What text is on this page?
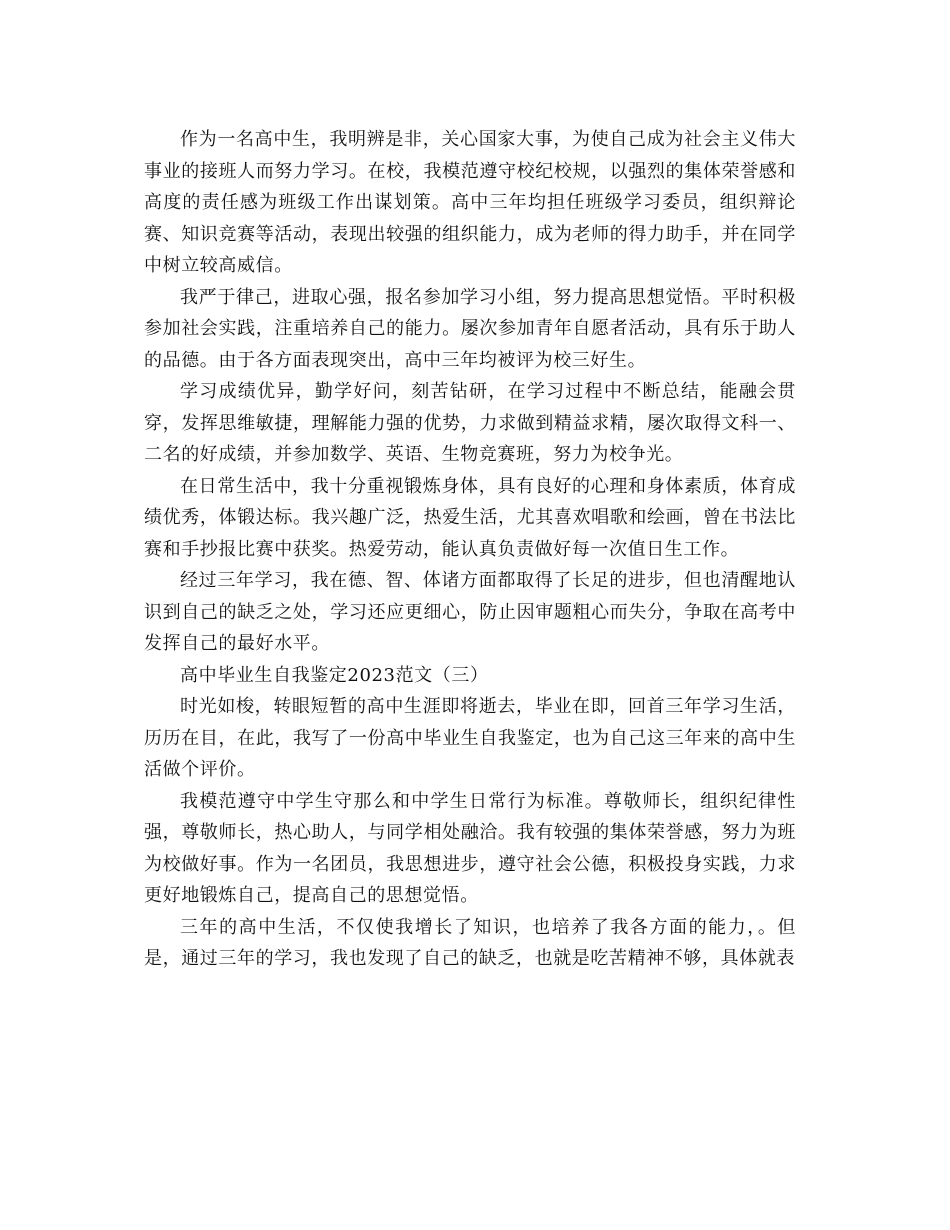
作为一名高中生，我明辨是非，关心国家大事，为使自己成为社会主义伟大事业的接班人而努力学习。在校，我模范遵守校纪校规，以强烈的集体荣誉感和高度的责任感为班级工作出谋划策。高中三年均担任班级学习委员，组织辩论赛、知识竞赛等活动，表现出较强的组织能力，成为老师的得力助手，并在同学中树立较高威信。

我严于律己，进取心强，报名参加学习小组，努力提高思想觉悟。平时积极参加社会实践，注重培养自己的能力。屡次参加青年自愿者活动，具有乐于助人的品德。由于各方面表现突出，高中三年均被评为校三好生。

学习成绩优异，勤学好问，刻苦钻研，在学习过程中不断总结，能融会贯穿，发挥思维敏捷，理解能力强的优势，力求做到精益求精，屡次取得文科一、二名的好成绩，并参加数学、英语、生物竞赛班，努力为校争光。

在日常生活中，我十分重视锻炼身体，具有良好的心理和身体素质，体育成绩优秀，体锻达标。我兴趣广泛，热爱生活，尤其喜欢唱歌和绘画，曾在书法比赛和手抄报比赛中获奖。热爱劳动，能认真负责做好每一次值日生工作。

经过三年学习，我在德、智、体诸方面都取得了长足的进步，但也清醒地认识到自己的缺乏之处，学习还应更细心，防止因审题粗心而失分，争取在高考中发挥自己的最好水平。

高中毕业生自我鉴定2023范文（三）

时光如梭，转眼短暂的高中生涯即将逝去，毕业在即，回首三年学习生活，历历在目，在此，我写了一份高中毕业生自我鉴定，也为自己这三年来的高中生活做个评价。

我模范遵守中学生守那么和中学生日常行为标准。尊敬师长，组织纪律性强，尊敬师长，热心助人，与同学相处融洽。我有较强的集体荣誉感，努力为班为校做好事。作为一名团员，我思想进步，遵守社会公德，积极投身实践，力求更好地锻炼自己，提高自己的思想觉悟。

三年的高中生活，不仅使我增长了知识，也培养了我各方面的能力，。但是，通过三年的学习，我也发现了自己的缺乏，也就是吃苦精神不够，具体就表
